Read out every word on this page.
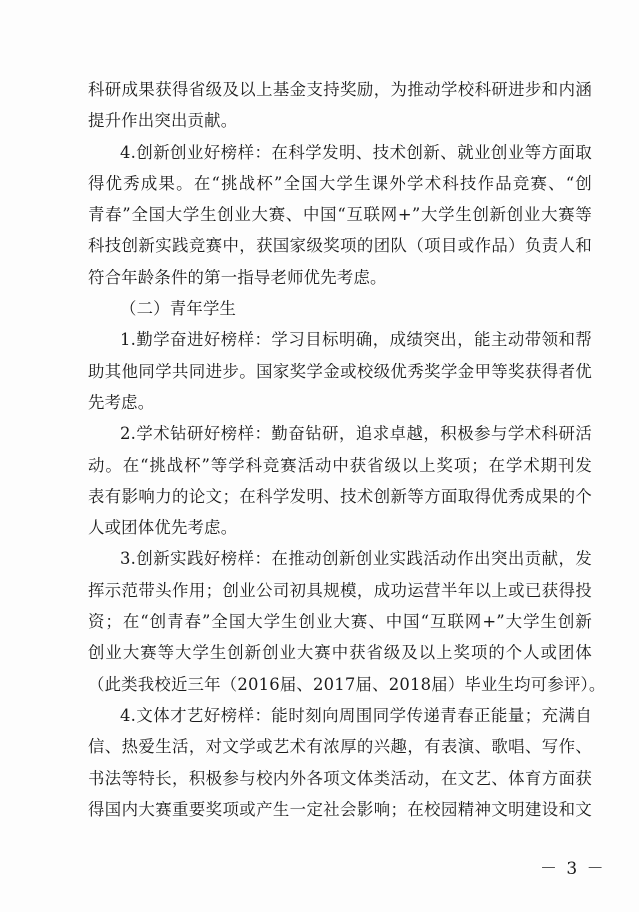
科研成果获得省级及以上基金支持奖励，为推动学校科研进步和内涵
提升作出突出贡献。
4.创新创业好榜样：在科学发明、技术创新、就业创业等方面取
得优秀成果。在“挑战杯”全国大学生课外学术科技作品竞赛、“创
青春”全国大学生创业大赛、中国“互联网+”大学生创新创业大赛等
科技创新实践竞赛中，获国家级奖项的团队（项目或作品）负责人和
符合年龄条件的第一指导老师优先考虑。
（二）青年学生
1.勤学奋进好榜样：学习目标明确，成绩突出，能主动带领和帮
助其他同学共同进步。国家奖学金或校级优秀奖学金甲等奖获得者优
先考虑。
2.学术钻研好榜样：勤奋钻研，追求卓越，积极参与学术科研活
动。在“挑战杯”等学科竞赛活动中获省级以上奖项；在学术期刊发
表有影响力的论文；在科学发明、技术创新等方面取得优秀成果的个
人或团体优先考虑。
3.创新实践好榜样：在推动创新创业实践活动作出突出贡献，发
挥示范带头作用；创业公司初具规模，成功运营半年以上或已获得投
资；在“创青春”全国大学生创业大赛、中国“互联网+”大学生创新
创业大赛等大学生创新创业大赛中获省级及以上奖项的个人或团体
（此类我校近三年（2016届、2017届、2018届）毕业生均可参评）。
4.文体才艺好榜样：能时刻向周围同学传递青春正能量；充满自
信、热爱生活，对文学或艺术有浓厚的兴趣，有表演、歌唱、写作、
书法等特长，积极参与校内外各项文体类活动，在文艺、体育方面获
得国内大赛重要奖项或产生一定社会影响；在校园精神文明建设和文
－ 3 －
